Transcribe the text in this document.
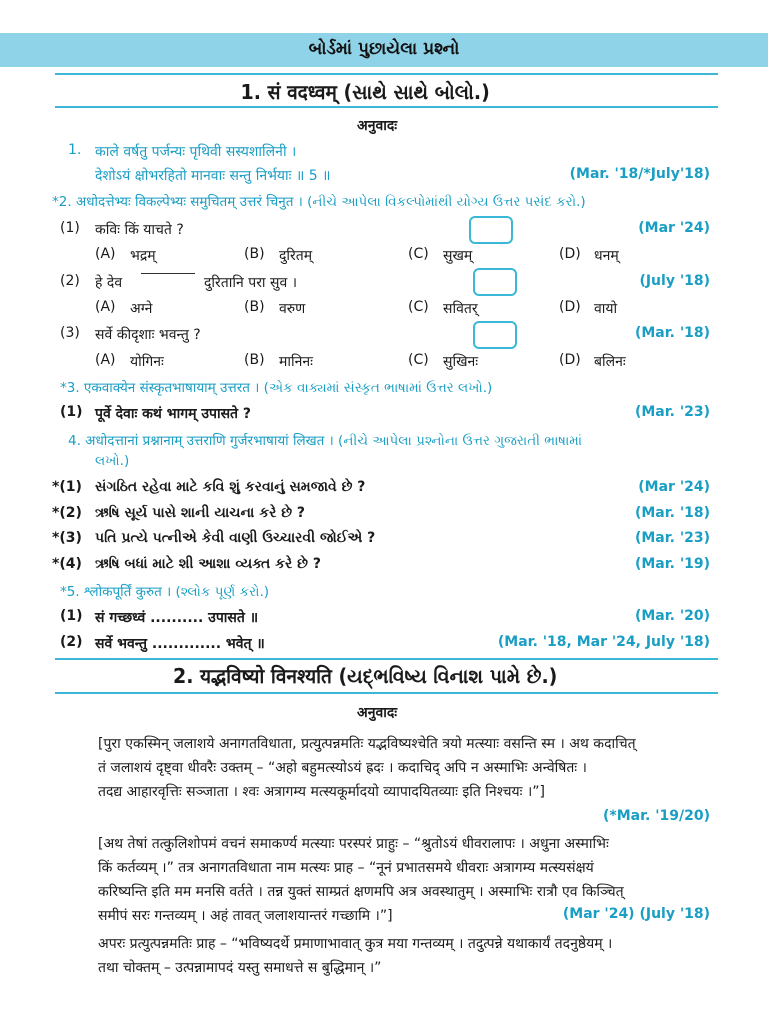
બોર્ડમાં પુછાયેલા પ્રશ્નો
1. सं वदध्वम् (સાથે સાથે બોલો.)
अनुवादः
1. काले वर्षतु पर्जन्यः पृथिवी सस्यशालिनी ।
देशोऽयं क्षोभरहितो मानवाः सन्तु निर्भयाः ॥ 5 ॥	(Mar. '18/*July'18)
*2. अधोदत्तेभ्यः विकल्पेभ्यः समुचितम् उत्तरं चिनुत । (નીચે આપેલા વિકલ્પોમાંથી યોગ્ય ઉત્તર પસંદ કરો.)
(1) कविः किं याचते ?	(Mar '24)
(A) भद्रम्	(B) दुरितम्	(C) सुखम्	(D) धनम्
(2) हे देव	दुरितानि परा सुव ।	(July '18)
(A) अग्ने	(B) वरुण	(C) सवितर्	(D) वायो
(3) सर्वे कीदृशाः भवन्तु ?	(Mar. '18)
(A) योगिनः	(B) मानिनः	(C) सुखिनः	(D) बलिनः
*3. एकवाक्येन संस्कृतभाषायाम् उत्तरत । (એક વાક્યમાં સંસ્કૃત ભાષામાં ઉત્તર લખો.)
(1) पूर्वे देवाः कथं भागम् उपासते ?	(Mar. '23)
4. अधोदत्तानां प्रश्नानाम् उत्तराणि गुर्जरभाषायां लिखत । (નીચે આપેલા પ્રશ્નોના ઉત્તર ગુજરાતી ભાષામાં
લખો.)
*(1) સંગઠિત રહેવા માટે કવિ શું કરવાનું સમજાવે છે ?	(Mar '24)
*(2) ઋષિ સૂર્ય પાસે શાની યાચના કરે છે ?	(Mar. '18)
*(3) પતિ પ્રત્યે પત્નીએ કેવી વાણી ઉચ્ચારવી જોઈએ ?	(Mar. '23)
*(4) ઋષિ બધાં માટે શી આશા વ્યક્ત કરે છે ?	(Mar. '19)
*5. श्लोकपूर्तिं कुरुत । (શ્લોક પૂર્ણ કરો.)
(1) सं गच्छध्वं .......... उपासते ॥	(Mar. '20)
(2) सर्वे भवन्तु ............. भवेत् ॥	(Mar. '18, Mar '24, July '18)
2. यद्भविष्यो विनश्यति (યદ્ભવિષ્ય વિનાશ પામે છે.)
अनुवादः
[पुरा एकस्मिन् जलाशये अनागतविधाता, प्रत्युत्पन्नमतिः यद्भविष्यश्चेति त्रयो मत्स्याः वसन्ति स्म । अथ कदाचित्
तं जलाशयं दृष्ट्वा धीवरैः उक्तम् – “अहो बहुमत्स्योऽयं ह्रदः । कदाचिद् अपि न अस्माभिः अन्वेषितः ।
तदद्य आहारवृत्तिः सञ्जाता । श्वः अत्रागम्य मत्स्यकूर्मादयो व्यापादयितव्याः इति निश्चयः ।”]
(*Mar. '19/20)
[अथ तेषां तत्कुलिशोपमं वचनं समाकर्ण्य मत्स्याः परस्परं प्राहुः – “श्रुतोऽयं धीवरालापः । अधुना अस्माभिः
किं कर्तव्यम् ।” तत्र अनागतविधाता नाम मत्स्यः प्राह – “नूनं प्रभातसमये धीवराः अत्रागम्य मत्स्यसंक्षयं
करिष्यन्ति इति मम मनसि वर्तते । तन्न युक्तं साम्प्रतं क्षणमपि अत्र अवस्थातुम् । अस्माभिः रात्रौ एव किञ्चित्
समीपं सरः गन्तव्यम् । अहं तावत् जलाशयान्तरं गच्छामि ।”]	(Mar '24) (July '18)
अपरः प्रत्युत्पन्नमतिः प्राह – “भविष्यदर्थे प्रमाणाभावात् कुत्र मया गन्तव्यम् । तदुत्पन्ने यथाकार्यं तदनुष्ठेयम् ।
तथा चोक्तम् – उत्पन्नामापदं यस्तु समाधत्ते स बुद्धिमान् ।”
